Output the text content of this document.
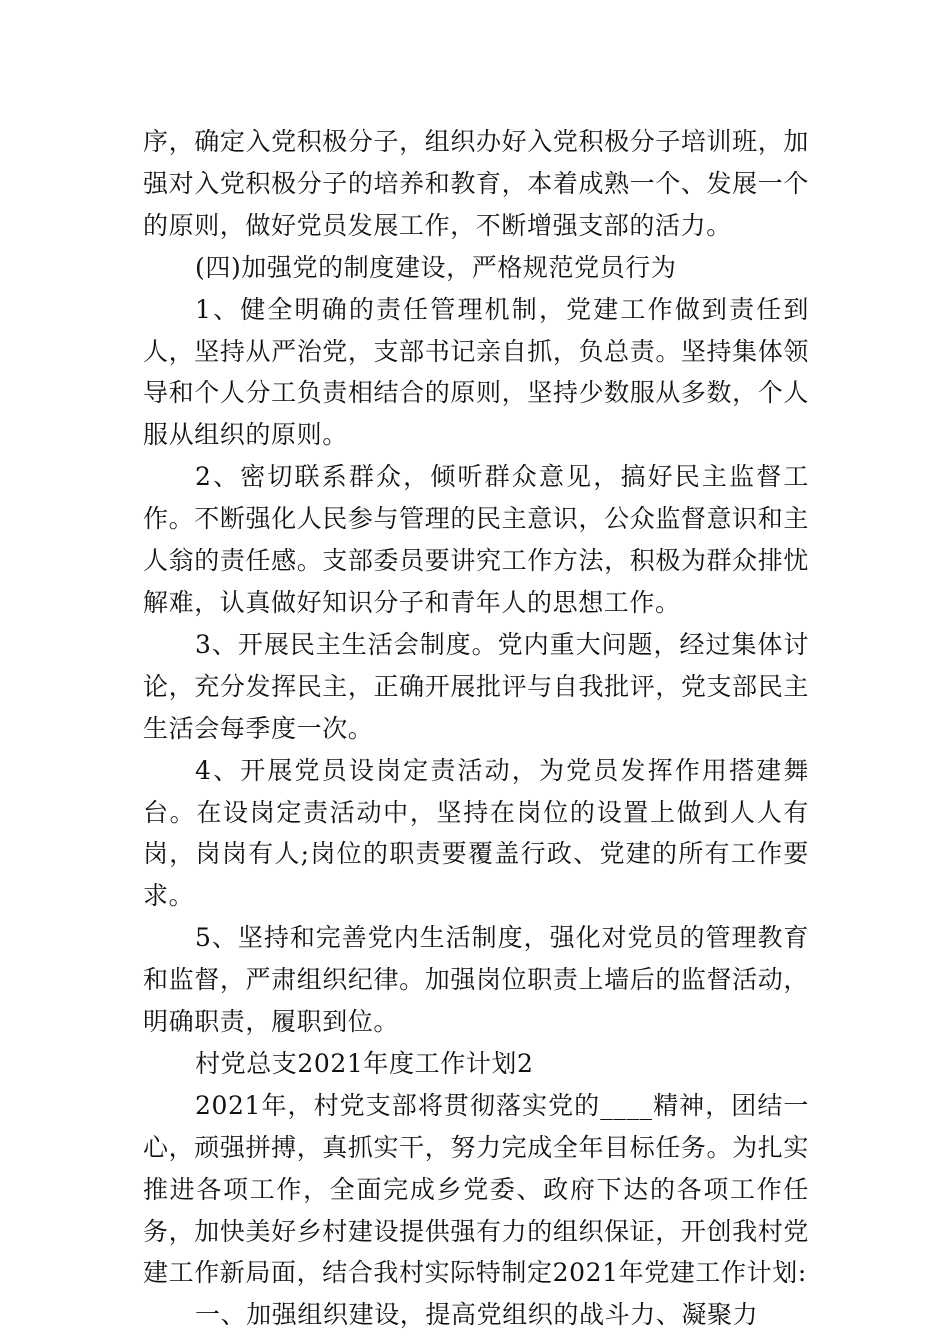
序，确定入党积极分子，组织办好入党积极分子培训班，加强对入党积极分子的培养和教育，本着成熟一个、发展一个的原则，做好党员发展工作，不断增强支部的活力。

(四)加强党的制度建设，严格规范党员行为

1、健全明确的责任管理机制，党建工作做到责任到人，坚持从严治党，支部书记亲自抓，负总责。坚持集体领导和个人分工负责相结合的原则，坚持少数服从多数，个人服从组织的原则。

2、密切联系群众，倾听群众意见，搞好民主监督工作。不断强化人民参与管理的民主意识，公众监督意识和主人翁的责任感。支部委员要讲究工作方法，积极为群众排忧解难，认真做好知识分子和青年人的思想工作。

3、开展民主生活会制度。党内重大问题，经过集体讨论，充分发挥民主，正确开展批评与自我批评，党支部民主生活会每季度一次。

4、开展党员设岗定责活动，为党员发挥作用搭建舞台。在设岗定责活动中，坚持在岗位的设置上做到人人有岗，岗岗有人;岗位的职责要覆盖行政、党建的所有工作要求。

5、坚持和完善党内生活制度，强化对党员的管理教育和监督，严肃组织纪律。加强岗位职责上墙后的监督活动，明确职责，履职到位。

村党总支2021年度工作计划2

2021年，村党支部将贯彻落实党的____精神，团结一心，顽强拼搏，真抓实干，努力完成全年目标任务。为扎实推进各项工作，全面完成乡党委、政府下达的各项工作任务，加快美好乡村建设提供强有力的组织保证，开创我村党建工作新局面，结合我村实际特制定2021年党建工作计划:

一、加强组织建设，提高党组织的战斗力、凝聚力
